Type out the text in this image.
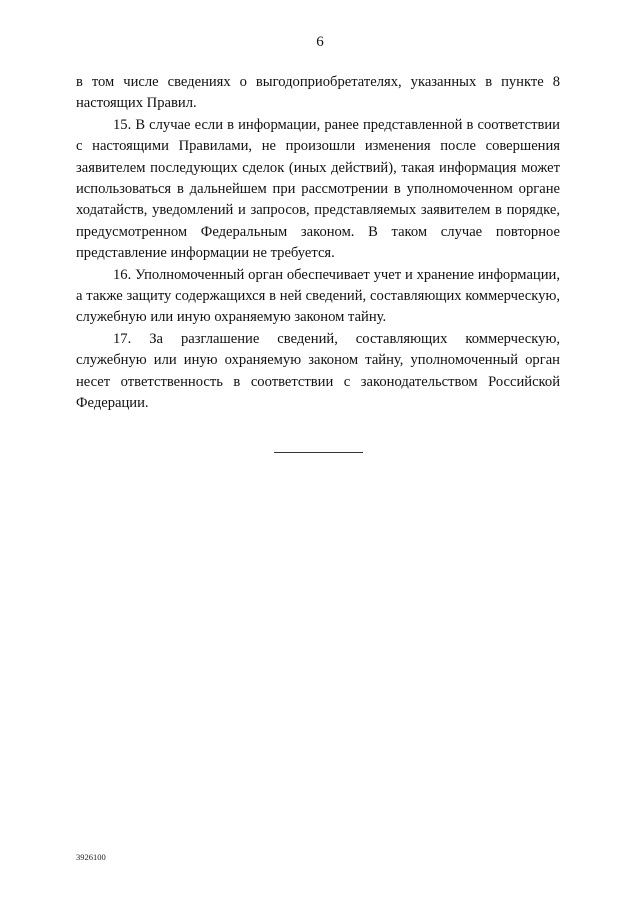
6

в том числе сведениях о выгодоприобретателях, указанных в пункте 8 настоящих Правил.

15. В случае если в информации, ранее представленной в соответствии с настоящими Правилами, не произошли изменения после совершения заявителем последующих сделок (иных действий), такая информация может использоваться в дальнейшем при рассмотрении в уполномоченном органе ходатайств, уведомлений и запросов, представляемых заявителем в порядке, предусмотренном Федеральным законом. В таком случае повторное представление информации не требуется.

16. Уполномоченный орган обеспечивает учет и хранение информации, а также защиту содержащихся в ней сведений, составляющих коммерческую, служебную или иную охраняемую законом тайну.

17. За разглашение сведений, составляющих коммерческую, служебную или иную охраняемую законом тайну, уполномоченный орган несет ответственность в соответствии с законодательством Российской Федерации.

3926100
